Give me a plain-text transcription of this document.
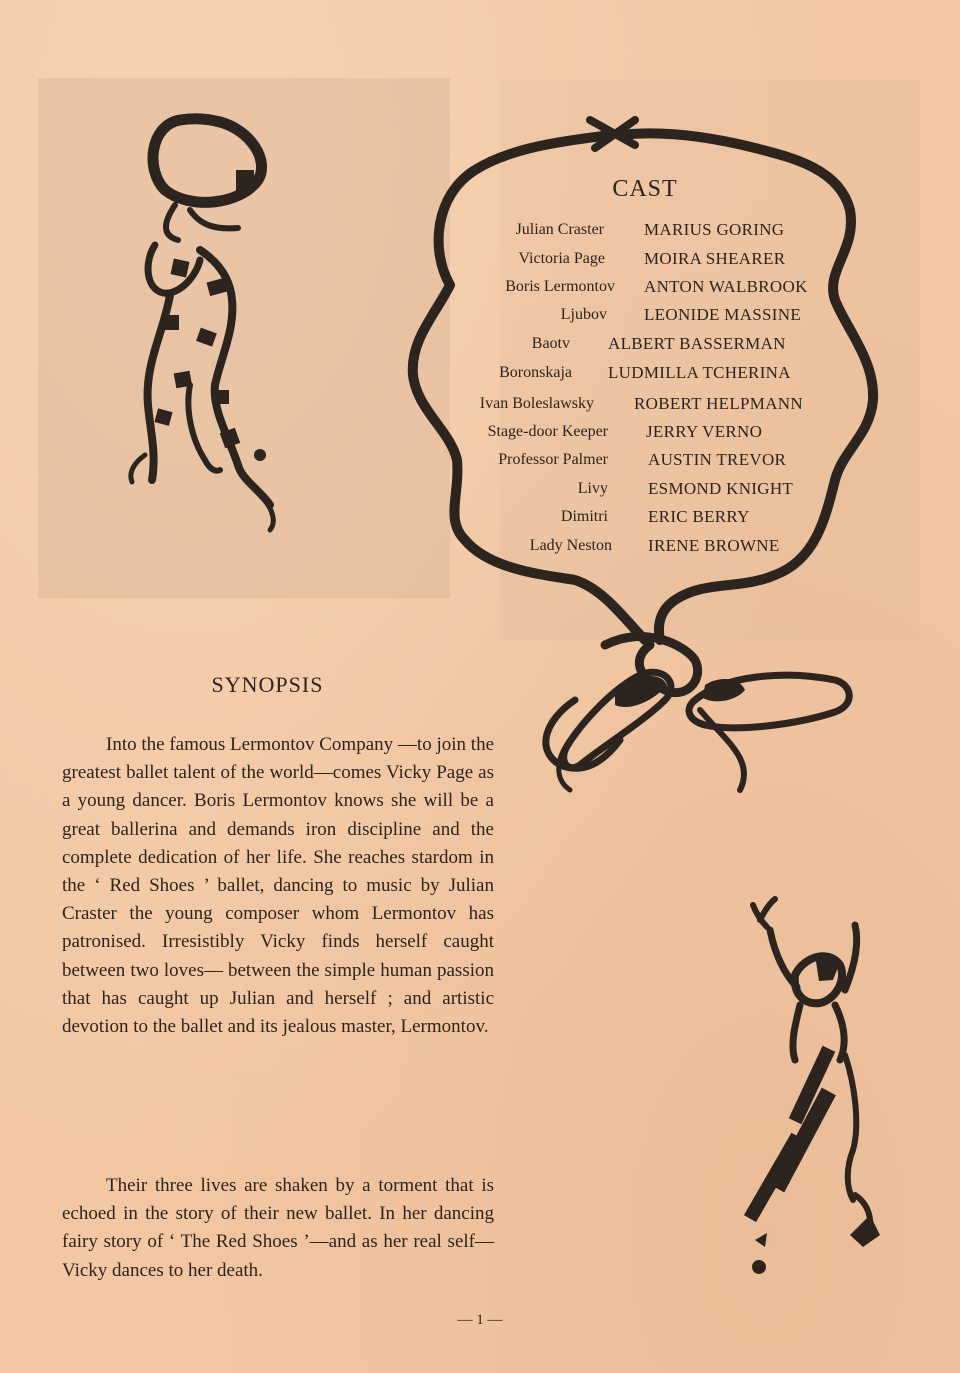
CAST
Julian Craster MARIUS GORING
Victoria Page MOIRA SHEARER
Boris Lermontov ANTON WALBROOK
Ljubov LEONIDE MASSINE
Baotv ALBERT BASSERMAN
Boronskaja LUDMILLA TCHERINA
Ivan Boleslawsky ROBERT HELPMANN
Stage-door Keeper JERRY VERNO
Professor Palmer AUSTIN TREVOR
Livy ESMOND KNIGHT
Dimitri ERIC BERRY
Lady Neston IRENE BROWNE
SYNOPSIS

Into the famous Lermontov Company —to join the greatest ballet talent of the world—comes Vicky Page as a young dancer. Boris Lermontov knows she will be a great ballerina and demands iron discipline and the complete dedication of her life. She reaches stardom in the ‘ Red Shoes ’ ballet, dancing to music by Julian Craster the young composer whom Lermontov has patronised. Irresistibly Vicky finds herself caught between two loves— between the simple human passion that has caught up Julian and herself ; and artistic devotion to the ballet and its jealous master, Lermontov.

Their three lives are shaken by a torment that is echoed in the story of their new ballet. In her dancing fairy story of ‘ The Red Shoes ’—and as her real self— Vicky dances to her death.

— 1 —
